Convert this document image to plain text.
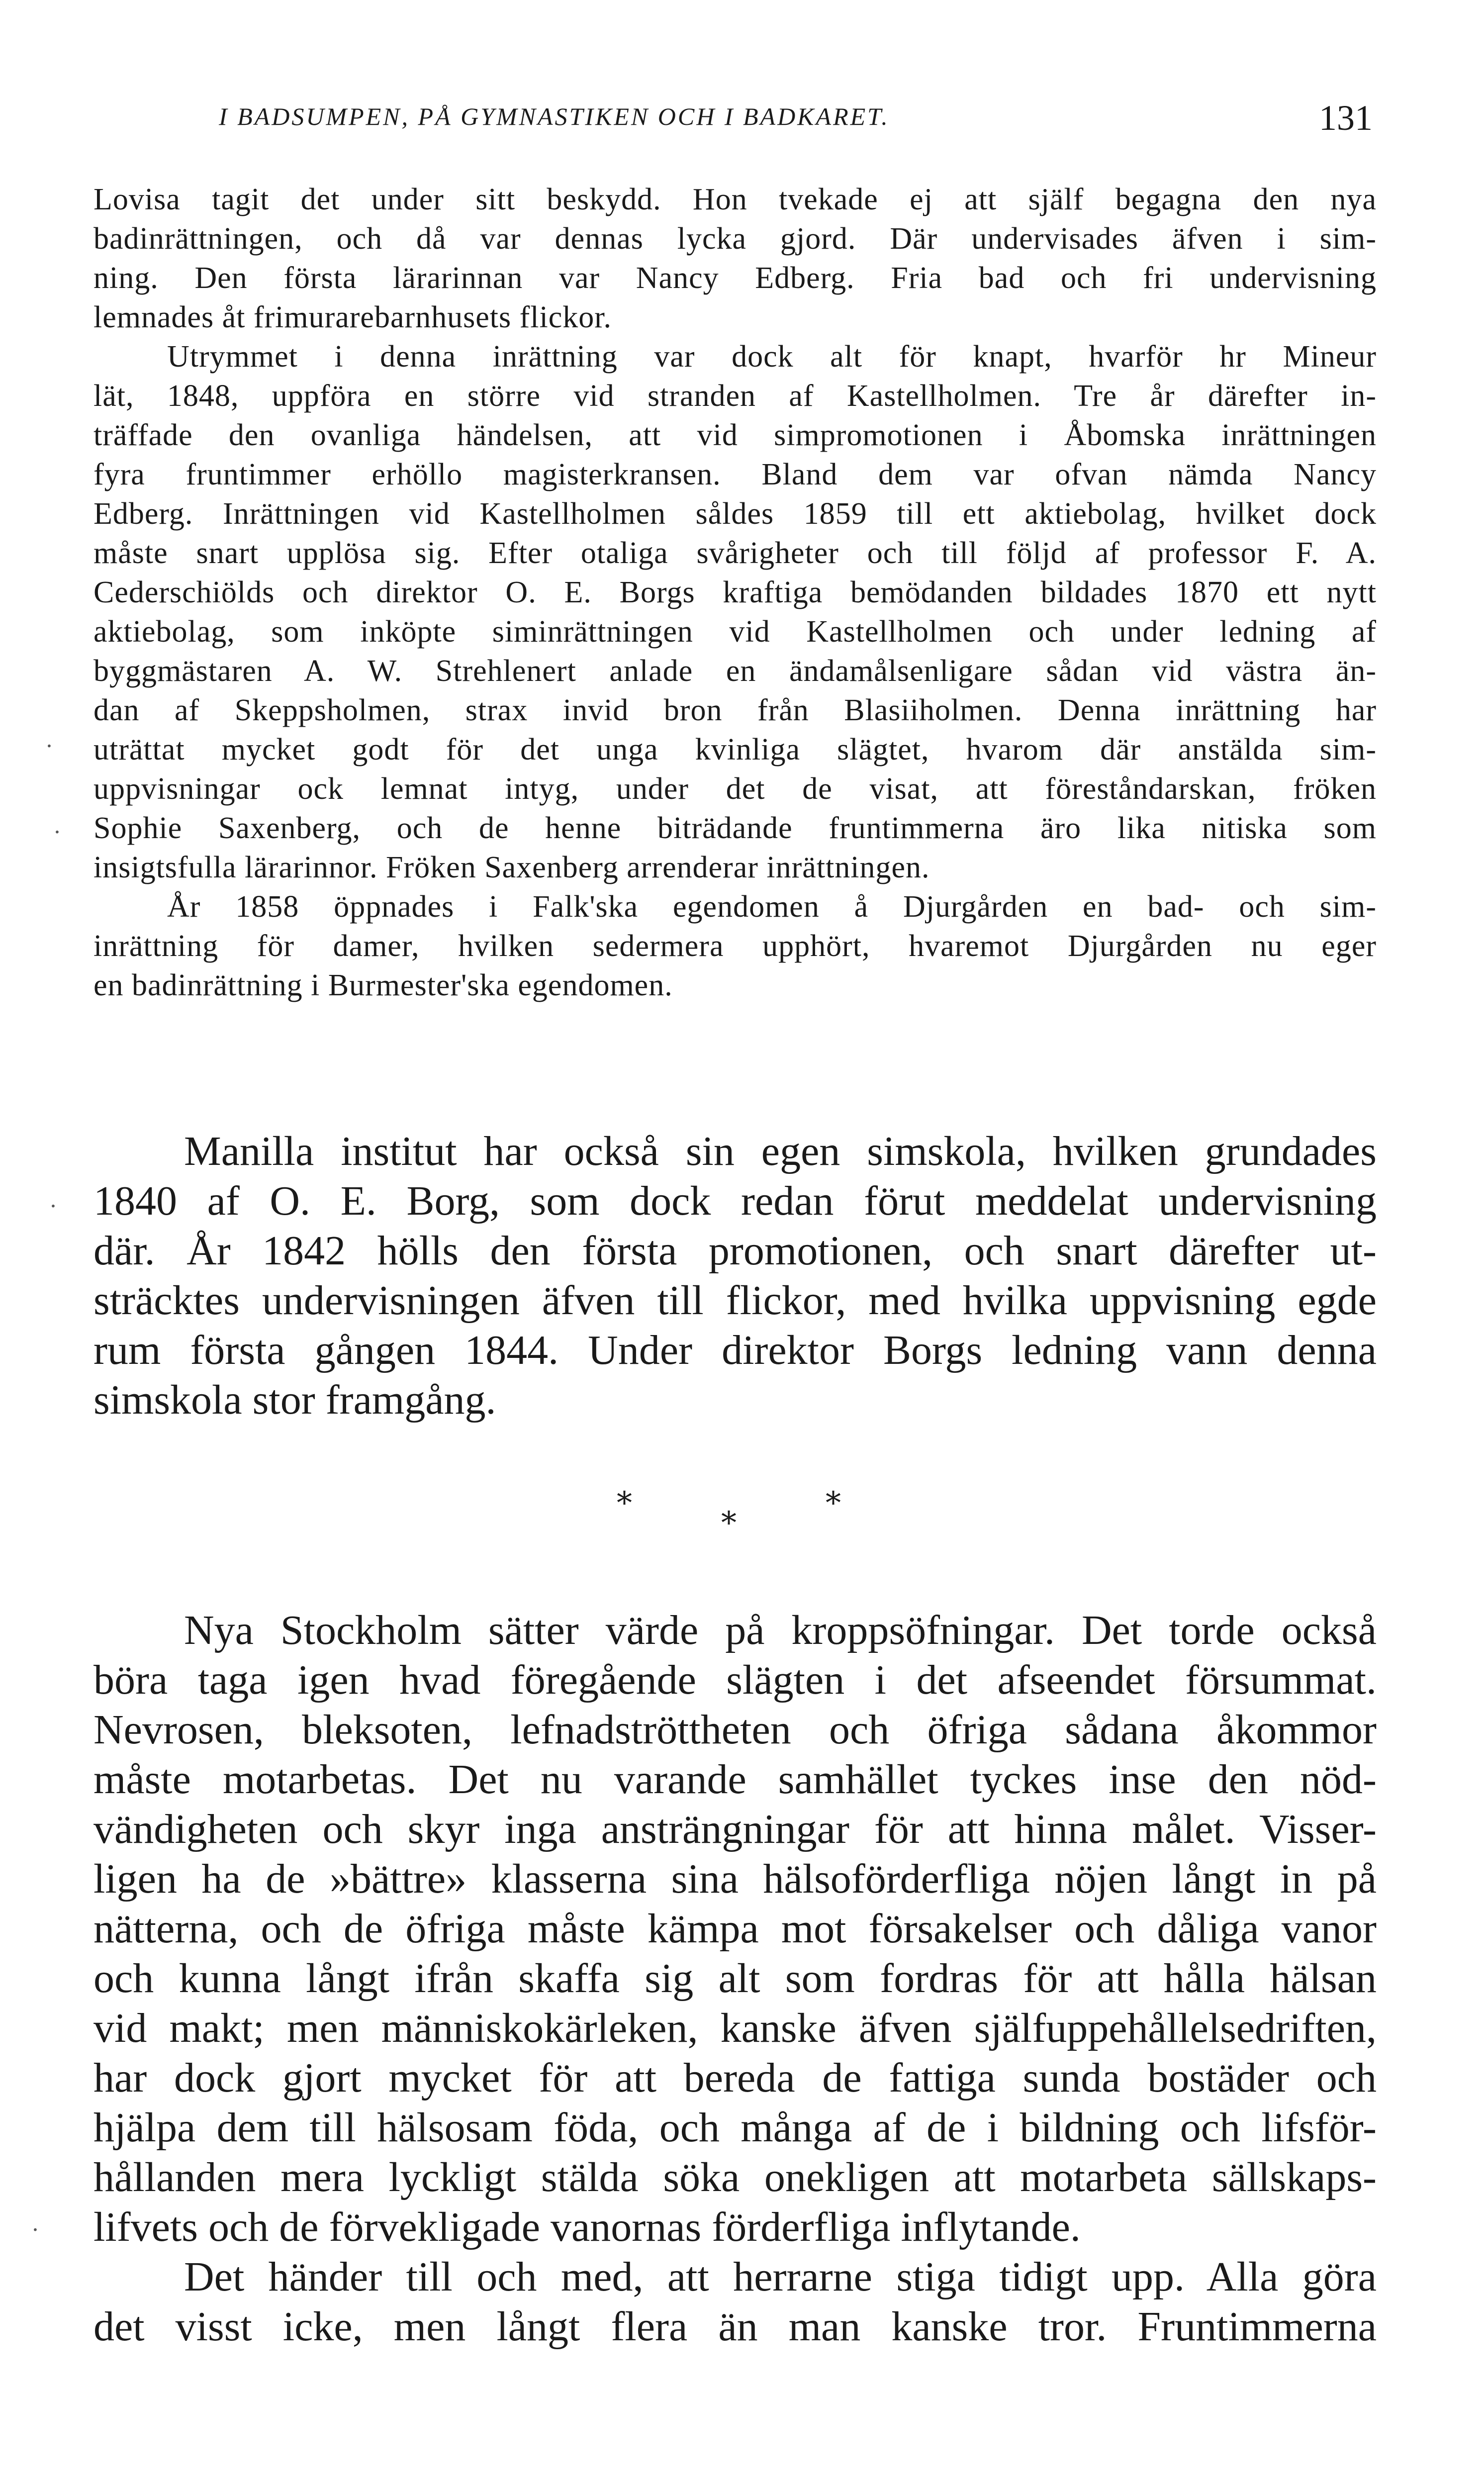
I BADSUMPEN, PÅ GYMNASTIKEN OCH I BADKARET.	131
Lovisa tagit det under sitt beskydd. Hon tvekade ej att själf begagna den nya
badinrättningen, och då var dennas lycka gjord. Där undervisades äfven i sim-
ning. Den första lärarinnan var Nancy Edberg. Fria bad och fri undervisning
lemnades åt frimurarebarnhusets flickor.
Utrymmet i denna inrättning var dock alt för knapt, hvarför hr Mineur
lät, 1848, uppföra en större vid stranden af Kastellholmen. Tre år därefter in-
träffade den ovanliga händelsen, att vid simpromotionen i Åbomska inrättningen
fyra fruntimmer erhöllo magisterkransen. Bland dem var ofvan nämda Nancy
Edberg. Inrättningen vid Kastellholmen såldes 1859 till ett aktiebolag, hvilket dock
måste snart upplösa sig. Efter otaliga svårigheter och till följd af professor F. A.
Cederschiölds och direktor O. E. Borgs kraftiga bemödanden bildades 1870 ett nytt
aktiebolag, som inköpte siminrättningen vid Kastellholmen och under ledning af
byggmästaren A. W. Strehlenert anlade en ändamålsenligare sådan vid västra än-
dan af Skeppsholmen, strax invid bron från Blasiiholmen. Denna inrättning har
uträttat mycket godt för det unga kvinliga slägtet, hvarom där anstälda sim-
uppvisningar ock lemnat intyg, under det de visat, att föreståndarskan, fröken
Sophie Saxenberg, och de henne biträdande fruntimmerna äro lika nitiska som
insigtsfulla lärarinnor. Fröken Saxenberg arrenderar inrättningen.
År 1858 öppnades i Falk'ska egendomen å Djurgården en bad- och sim-
inrättning för damer, hvilken sedermera upphört, hvaremot Djurgården nu eger
en badinrättning i Burmester'ska egendomen.
Manilla institut har också sin egen simskola, hvilken grundades
1840 af O. E. Borg, som dock redan förut meddelat undervisning
där. År 1842 hölls den första promotionen, och snart därefter ut-
sträcktes undervisningen äfven till flickor, med hvilka uppvisning egde
rum första gången 1844. Under direktor Borgs ledning vann denna
simskola stor framgång.
*
*
*
Nya Stockholm sätter värde på kroppsöfningar. Det torde också
böra taga igen hvad föregående slägten i det afseendet försummat.
Nevrosen, bleksoten, lefnadströttheten och öfriga sådana åkommor
måste motarbetas. Det nu varande samhället tyckes inse den nöd-
vändigheten och skyr inga ansträngningar för att hinna målet. Visser-
ligen ha de »bättre» klasserna sina hälsoförderfliga nöjen långt in på
nätterna, och de öfriga måste kämpa mot försakelser och dåliga vanor
och kunna långt ifrån skaffa sig alt som fordras för att hålla hälsan
vid makt; men människokärleken, kanske äfven själfuppehållelsedriften,
har dock gjort mycket för att bereda de fattiga sunda bostäder och
hjälpa dem till hälsosam föda, och många af de i bildning och lifsför-
hållanden mera lyckligt stälda söka onekligen att motarbeta sällskaps-
lifvets och de förvekligade vanornas förderfliga inflytande.
Det händer till och med, att herrarne stiga tidigt upp. Alla göra
det visst icke, men långt flera än man kanske tror. Fruntimmerna
·
·
·
·
